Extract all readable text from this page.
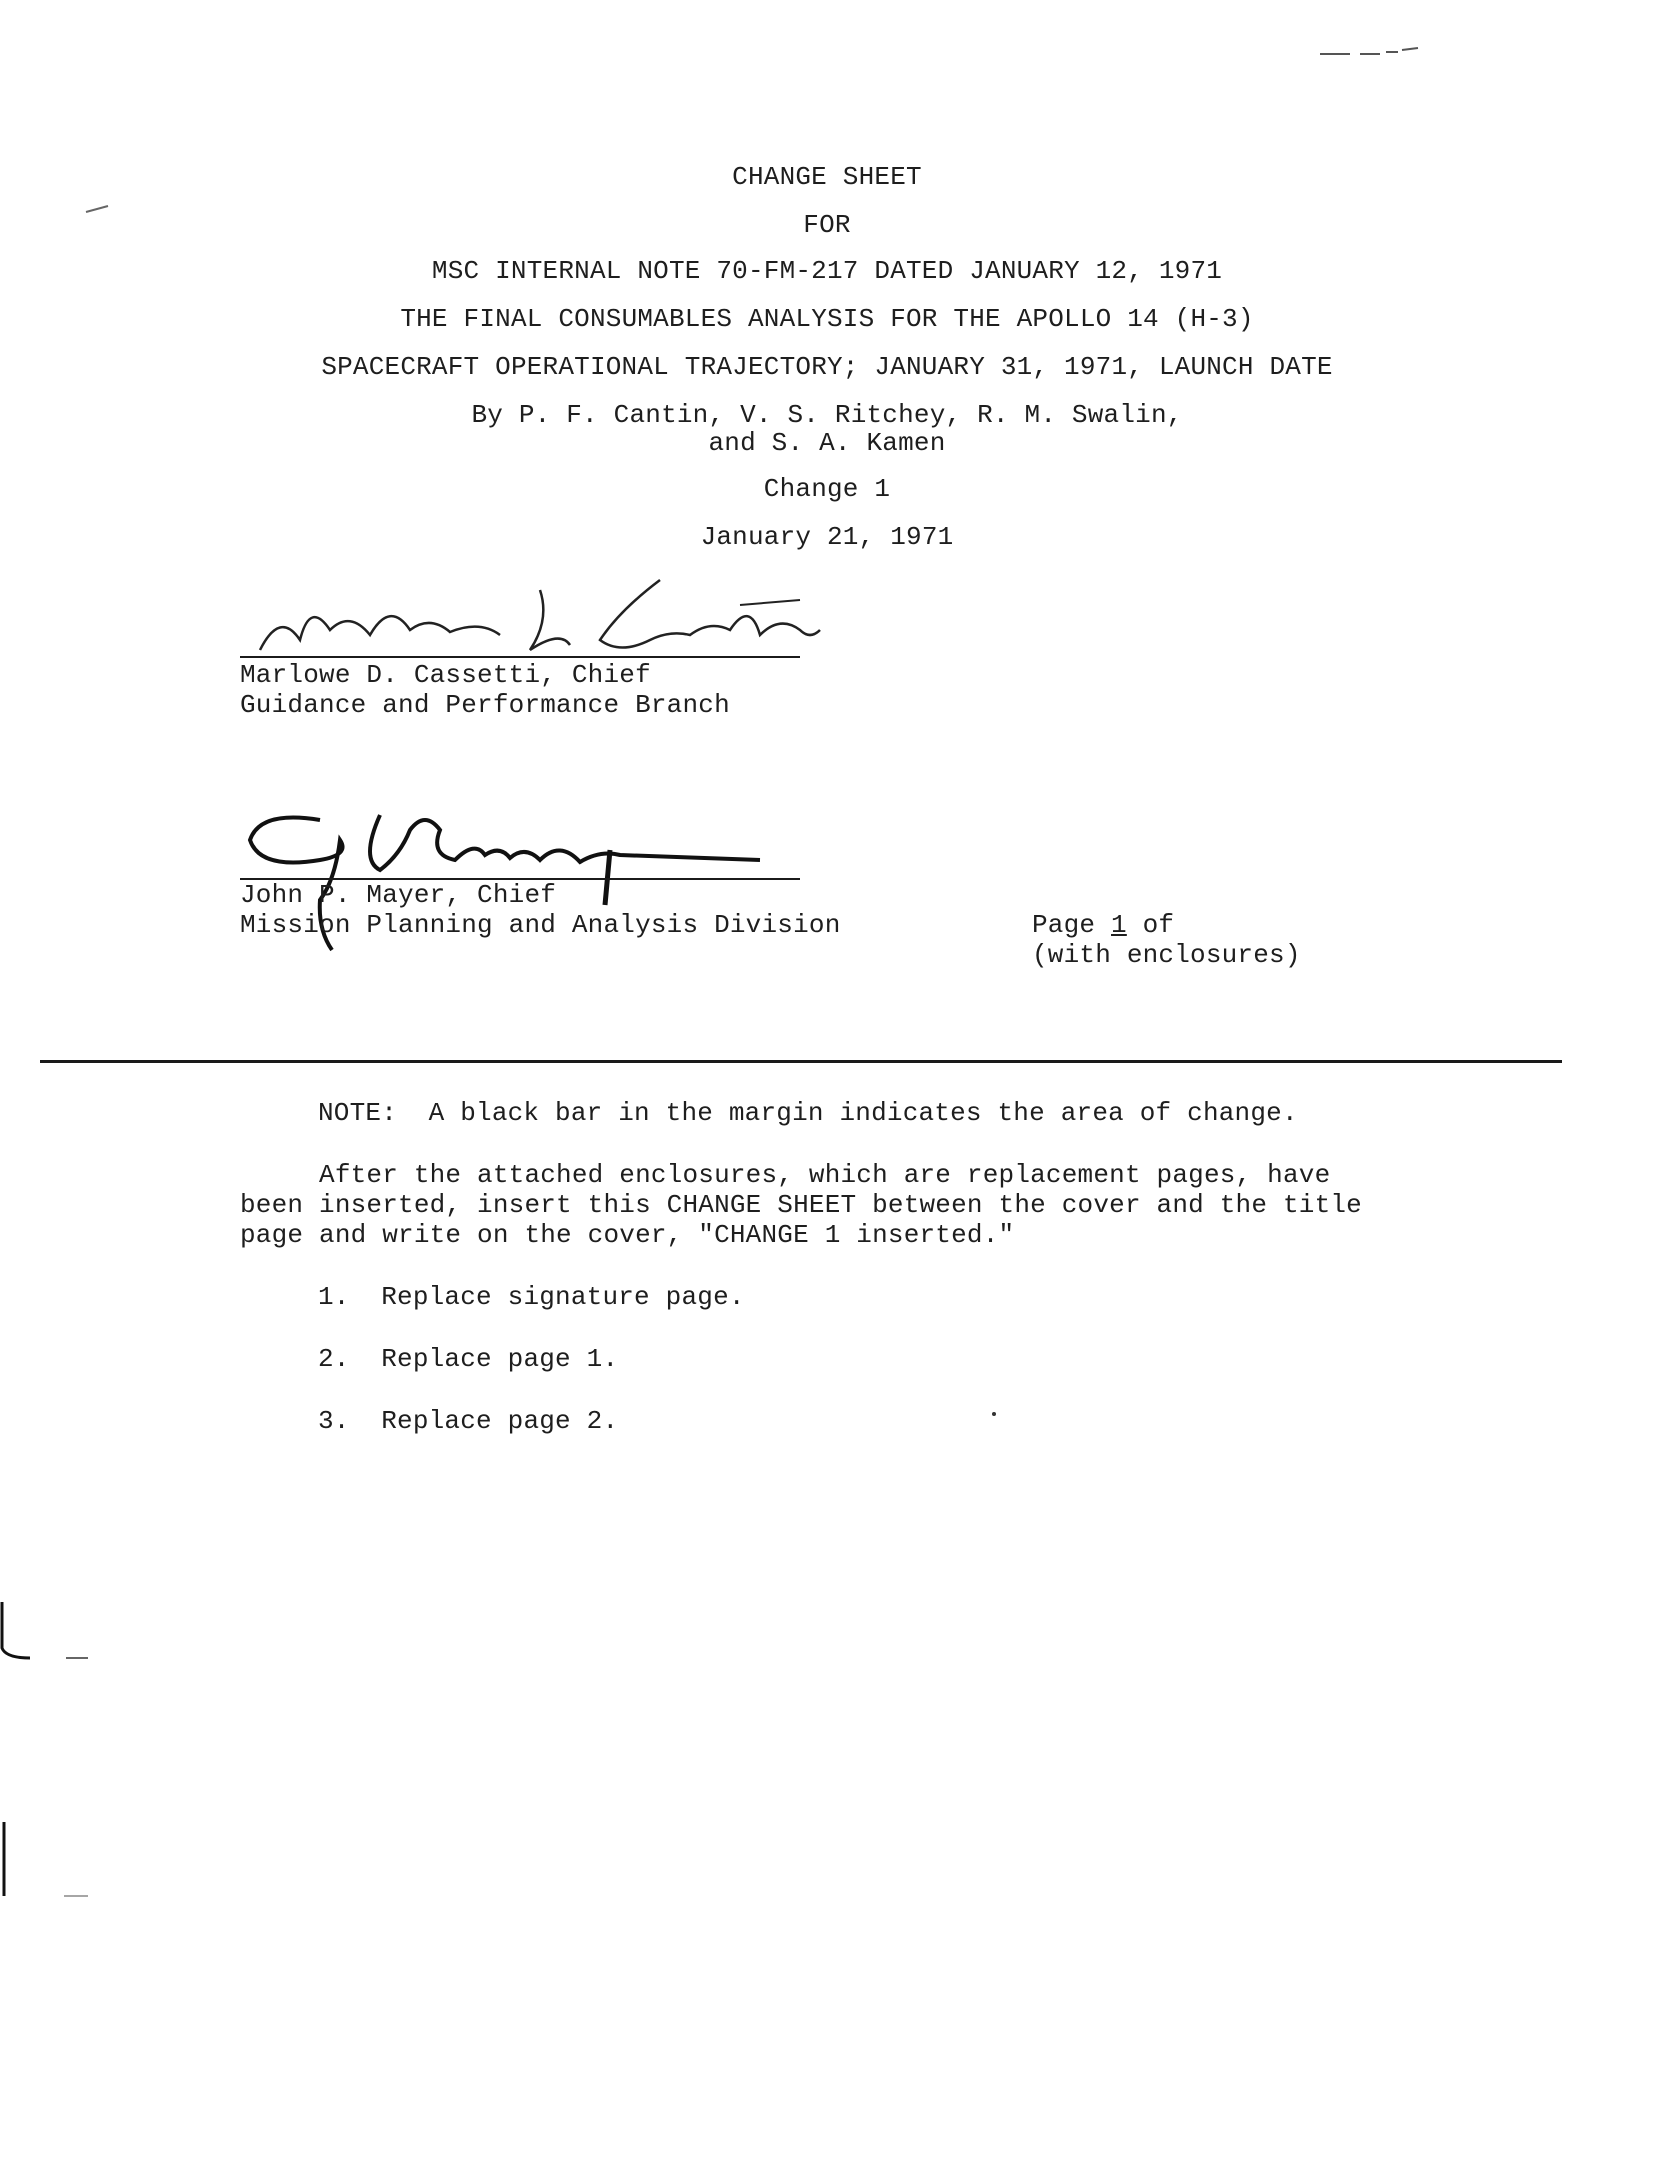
CHANGE SHEET
FOR
MSC INTERNAL NOTE 70-FM-217 DATED JANUARY 12, 1971
THE FINAL CONSUMABLES ANALYSIS FOR THE APOLLO 14 (H-3)
SPACECRAFT OPERATIONAL TRAJECTORY; JANUARY 31, 1971, LAUNCH DATE
By P. F. Cantin, V. S. Ritchey, R. M. Swalin,
and S. A. Kamen
Change 1
January 21, 1971
Marlowe D. Cassetti, Chief
Guidance and Performance Branch
John P. Mayer, Chief
Mission Planning and Analysis Division	Page 1 of
(with enclosures)
NOTE:  A black bar in the margin indicates the area of change.
After the attached enclosures, which are replacement pages, have
been inserted, insert this CHANGE SHEET between the cover and the title
page and write on the cover, "CHANGE 1 inserted."
1. Replace signature page.
2. Replace page 1.
3. Replace page 2.
